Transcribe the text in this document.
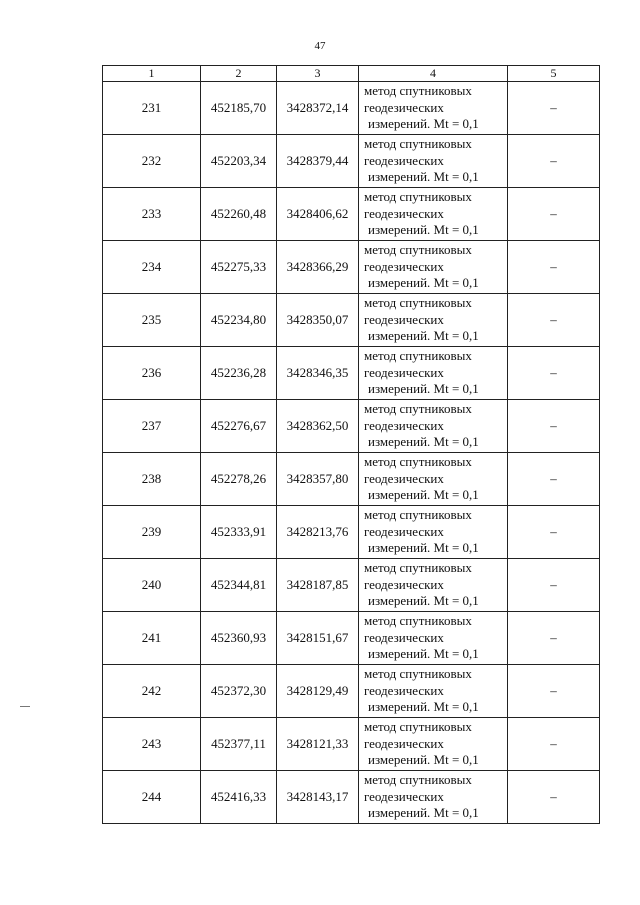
47
1	2	3	4	5
231	452185,70	3428372,14	метод спутниковых
геодезических
измерений. Mt = 0,1	–
232	452203,34	3428379,44	метод спутниковых
геодезических
измерений. Mt = 0,1	–
233	452260,48	3428406,62	метод спутниковых
геодезических
измерений. Mt = 0,1	–
234	452275,33	3428366,29	метод спутниковых
геодезических
измерений. Mt = 0,1	–
235	452234,80	3428350,07	метод спутниковых
геодезических
измерений. Mt = 0,1	–
236	452236,28	3428346,35	метод спутниковых
геодезических
измерений. Mt = 0,1	–
237	452276,67	3428362,50	метод спутниковых
геодезических
измерений. Mt = 0,1	–
238	452278,26	3428357,80	метод спутниковых
геодезических
измерений. Mt = 0,1	–
239	452333,91	3428213,76	метод спутниковых
геодезических
измерений. Mt = 0,1	–
240	452344,81	3428187,85	метод спутниковых
геодезических
измерений. Mt = 0,1	–
241	452360,93	3428151,67	метод спутниковых
геодезических
измерений. Mt = 0,1	–
242	452372,30	3428129,49	метод спутниковых
геодезических
измерений. Mt = 0,1	–
243	452377,11	3428121,33	метод спутниковых
геодезических
измерений. Mt = 0,1	–
244	452416,33	3428143,17	метод спутниковых
геодезических
измерений. Mt = 0,1	–
